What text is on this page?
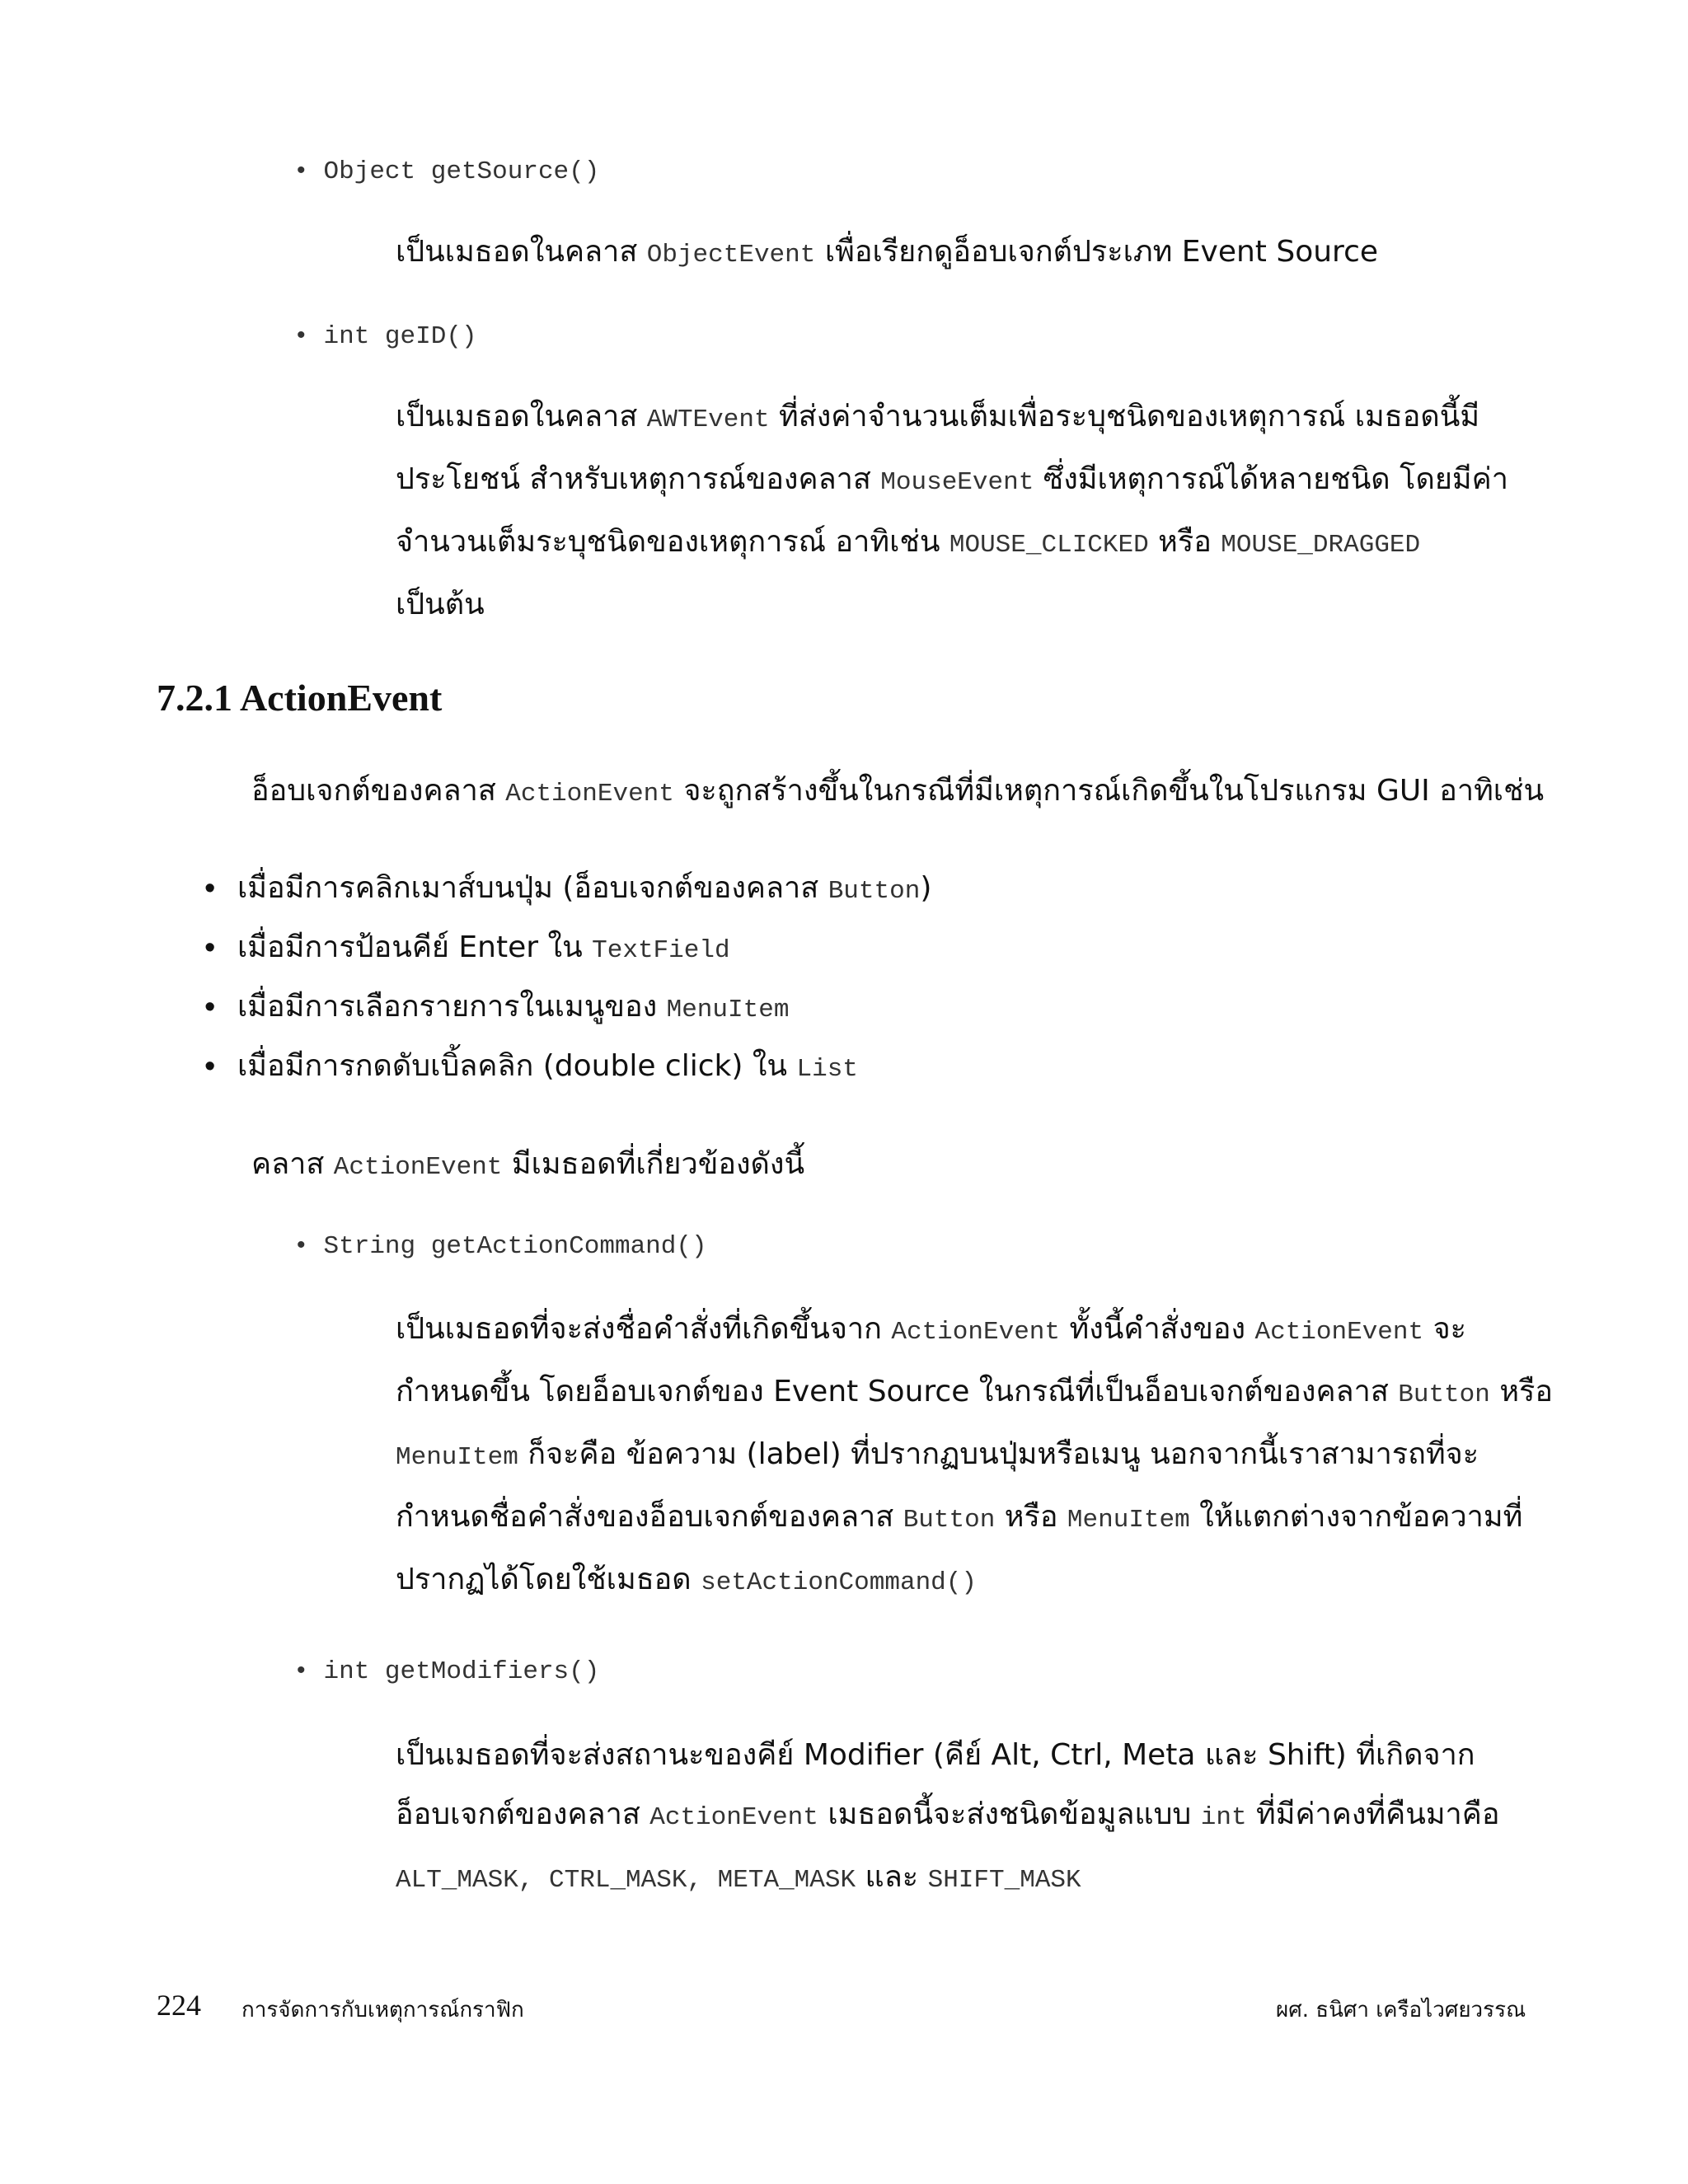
• Object getSource()
เป็นเมธอดในคลาส ObjectEvent เพื่อเรียกดูอ็อบเจกต์ประเภท Event Source
• int geID()
เป็นเมธอดในคลาส AWTEvent ที่ส่งค่าจำนวนเต็มเพื่อระบุชนิดของเหตุการณ์ เมธอดนี้มี
ประโยชน์ สำหรับเหตุการณ์ของคลาส MouseEvent ซึ่งมีเหตุการณ์ได้หลายชนิด โดยมีค่า
จำนวนเต็มระบุชนิดของเหตุการณ์ อาทิเช่น MOUSE_CLICKED หรือ MOUSE_DRAGGED
เป็นต้น
7.2.1 ActionEvent
อ็อบเจกต์ของคลาส ActionEvent จะถูกสร้างขึ้นในกรณีที่มีเหตุการณ์เกิดขึ้นในโปรแกรม GUI อาทิเช่น
• เมื่อมีการคลิกเมาส์บนปุ่ม (อ็อบเจกต์ของคลาส Button)
• เมื่อมีการป้อนคีย์ Enter ใน TextField
• เมื่อมีการเลือกรายการในเมนูของ MenuItem
• เมื่อมีการกดดับเบิ้ลคลิก (double click) ใน List
คลาส ActionEvent มีเมธอดที่เกี่ยวข้องดังนี้
• String getActionCommand()
เป็นเมธอดที่จะส่งชื่อคำสั่งที่เกิดขึ้นจาก ActionEvent ทั้งนี้คำสั่งของ ActionEvent จะ
กำหนดขึ้น โดยอ็อบเจกต์ของ Event Source ในกรณีที่เป็นอ็อบเจกต์ของคลาส Button หรือ
MenuItem ก็จะคือ ข้อความ (label) ที่ปรากฏบนปุ่มหรือเมนู นอกจากนี้เราสามารถที่จะ
กำหนดชื่อคำสั่งของอ็อบเจกต์ของคลาส Button หรือ MenuItem ให้แตกต่างจากข้อความที่
ปรากฏได้โดยใช้เมธอด setActionCommand()
• int getModifiers()
เป็นเมธอดที่จะส่งสถานะของคีย์ Modifier (คีย์ Alt, Ctrl, Meta และ Shift) ที่เกิดจาก
อ็อบเจกต์ของคลาส ActionEvent เมธอดนี้จะส่งชนิดข้อมูลแบบ int ที่มีค่าคงที่คืนมาคือ
ALT_MASK, CTRL_MASK, META_MASK และ SHIFT_MASK
224 การจัดการกับเหตุการณ์กราฟิก	ผศ. ธนิศา เครือไวศยวรรณ
